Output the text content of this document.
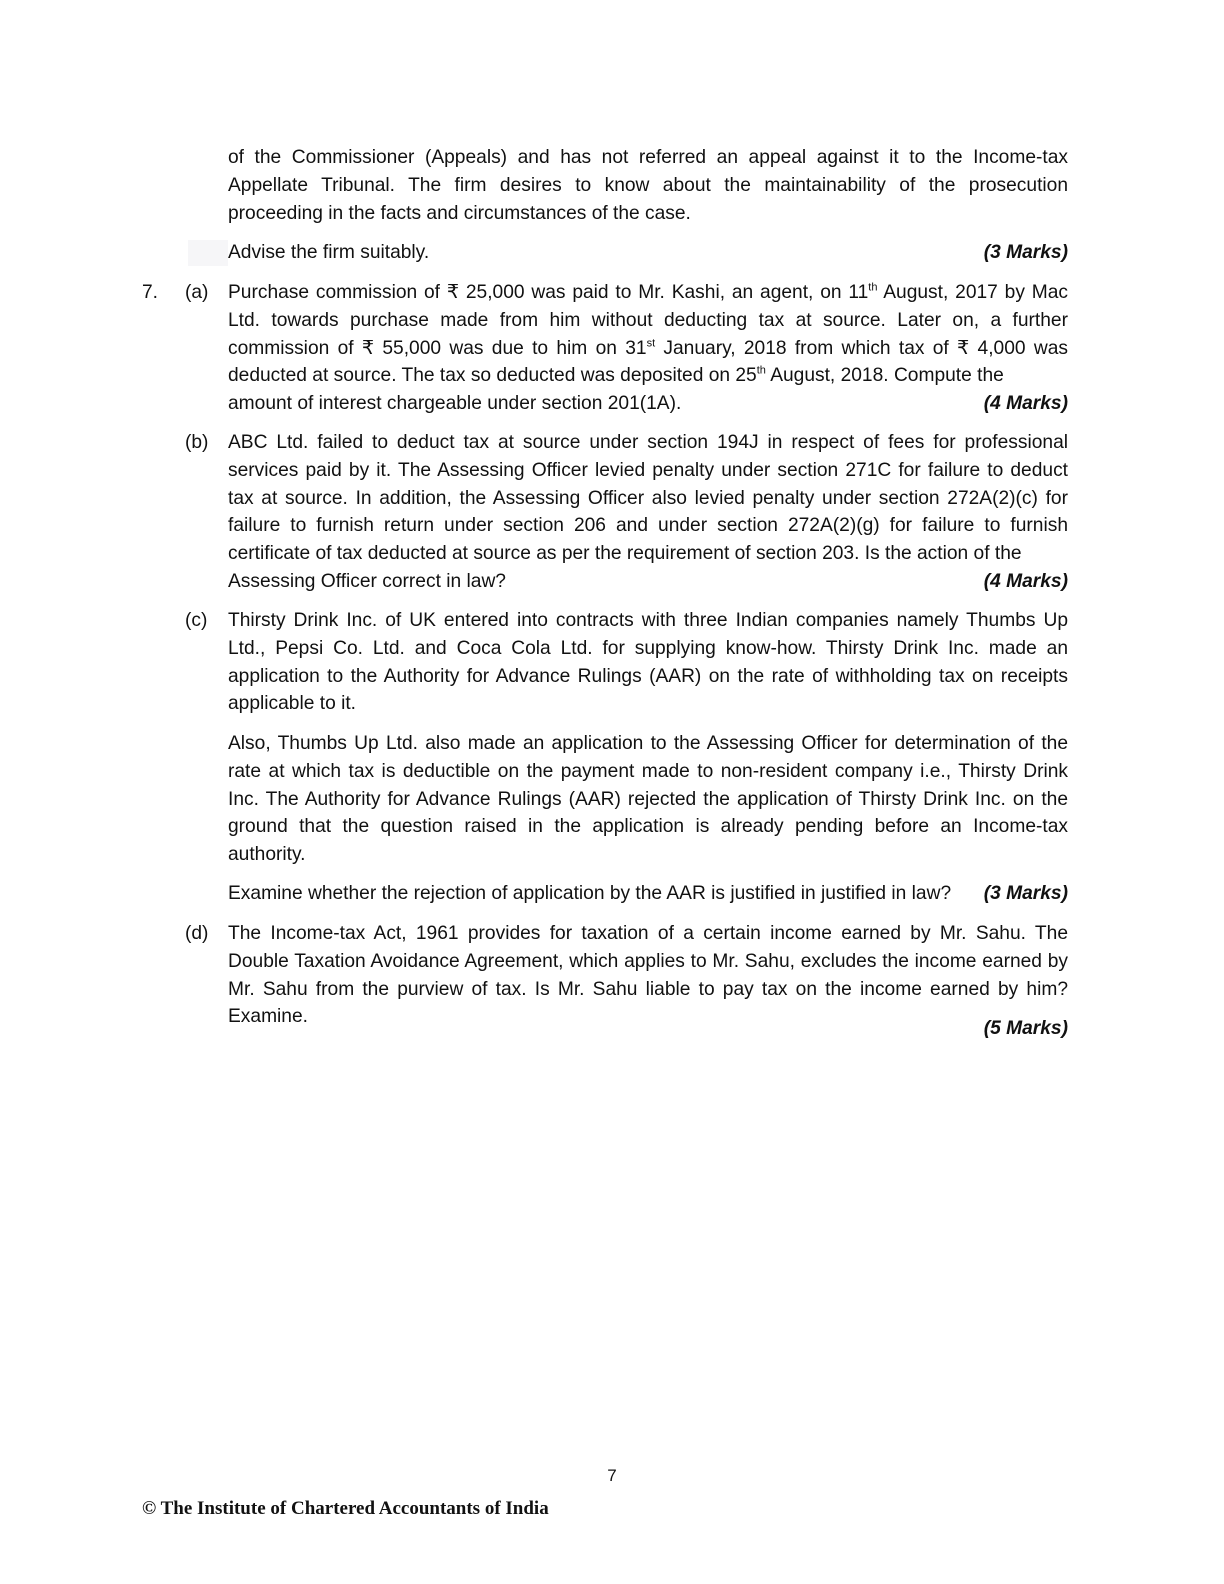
of the Commissioner (Appeals) and has not referred an appeal against it to the Income-tax Appellate Tribunal. The firm desires to know about the maintainability of the prosecution proceeding in the facts and circumstances of the case.

Advise the firm suitably.	(3 Marks)
7. (a) Purchase commission of ₹ 25,000 was paid to Mr. Kashi, an agent, on 11th August, 2017 by Mac Ltd. towards purchase made from him without deducting tax at source. Later on, a further commission of ₹ 55,000 was due to him on 31st January, 2018 from which tax of ₹ 4,000 was deducted at source. The tax so deducted was deposited on 25th August, 2018. Compute the

amount of interest chargeable under section 201(1A).	(4 Marks)
(b) ABC Ltd. failed to deduct tax at source under section 194J in respect of fees for professional services paid by it. The Assessing Officer levied penalty under section 271C for failure to deduct tax at source. In addition, the Assessing Officer also levied penalty under section 272A(2)(c) for failure to furnish return under section 206 and under section 272A(2)(g) for failure to furnish certificate of tax deducted at source as per the requirement of section 203. Is the action of the

Assessing Officer correct in law?	(4 Marks)
(c) Thirsty Drink Inc. of UK entered into contracts with three Indian companies namely Thumbs Up Ltd., Pepsi Co. Ltd. and Coca Cola Ltd. for supplying know-how. Thirsty Drink Inc. made an application to the Authority for Advance Rulings (AAR) on the rate of withholding tax on receipts applicable to it.

Also, Thumbs Up Ltd. also made an application to the Assessing Officer for determination of the rate at which tax is deductible on the payment made to non-resident company i.e., Thirsty Drink Inc. The Authority for Advance Rulings (AAR) rejected the application of Thirsty Drink Inc. on the ground that the question raised in the application is already pending before an Income-tax authority.

Examine whether the rejection of application by the AAR is justified in justified in law? (3 Marks)
(d) The Income-tax Act, 1961 provides for taxation of a certain income earned by Mr. Sahu. The Double Taxation Avoidance Agreement, which applies to Mr. Sahu, excludes the income earned by Mr. Sahu from the purview of tax. Is Mr. Sahu liable to pay tax on the income earned by him? Examine.

(5 Marks)
7
© The Institute of Chartered Accountants of India
